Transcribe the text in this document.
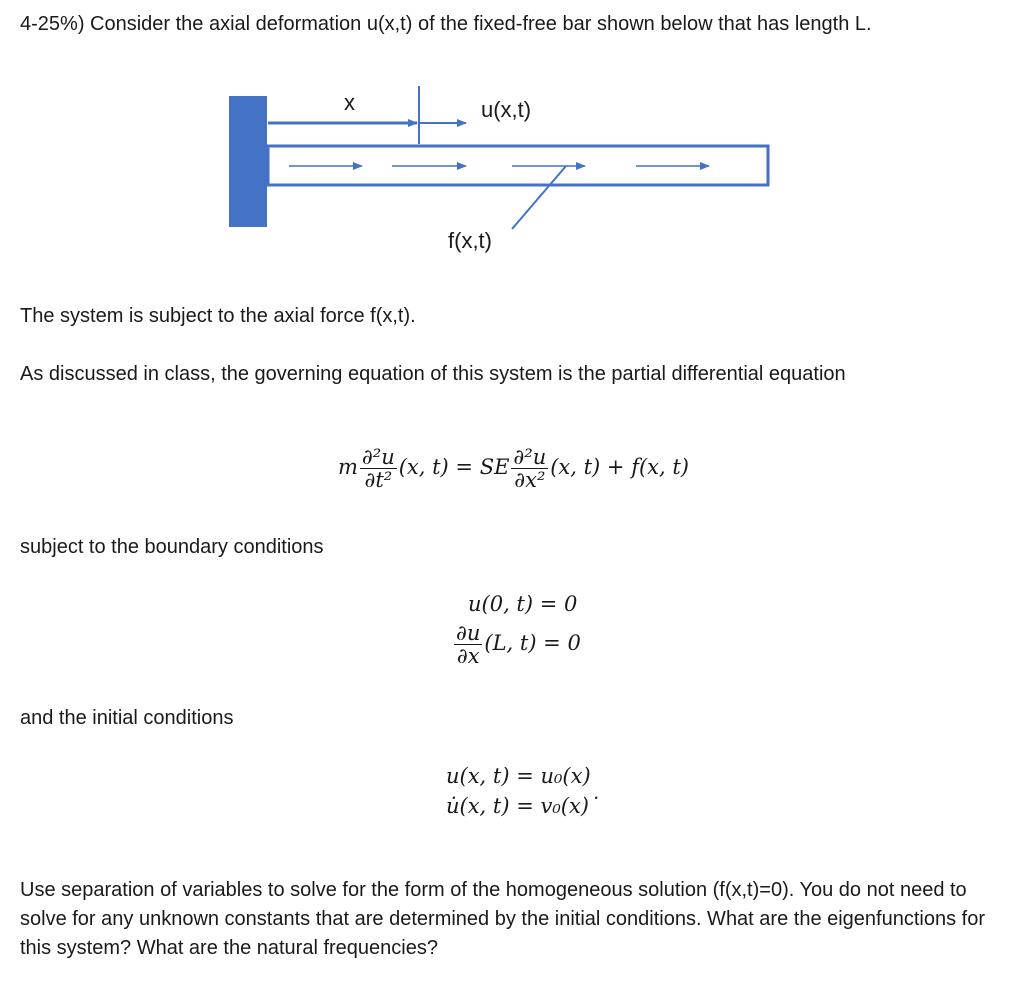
4-25%) Consider the axial deformation u(x,t) of the fixed-free bar shown below that has length L.
x	u(x,t)
f(x,t)
The system is subject to the axial force f(x,t).
As discussed in class, the governing equation of this system is the partial differential equation
m $\frac{\text{∂²u}}{\text{∂t²}} (x$, t) = SE $\frac{\text{∂²u}}{\text{∂x²}} (x$, t) + f(x, t)
subject to the boundary conditions
u(0, t) = 0
$\frac{\partial u}{\partial x} (L$, t) = 0
and the initial conditions
u(x, t) = u₀(x)
u̇(x, t) = v₀(x)˙
Use separation of variables to solve for the form of the homogeneous solution (f(x,t)=0). You do not need to solve for any unknown constants that are determined by the initial conditions. What are the eigenfunctions for this system? What are the natural frequencies?
